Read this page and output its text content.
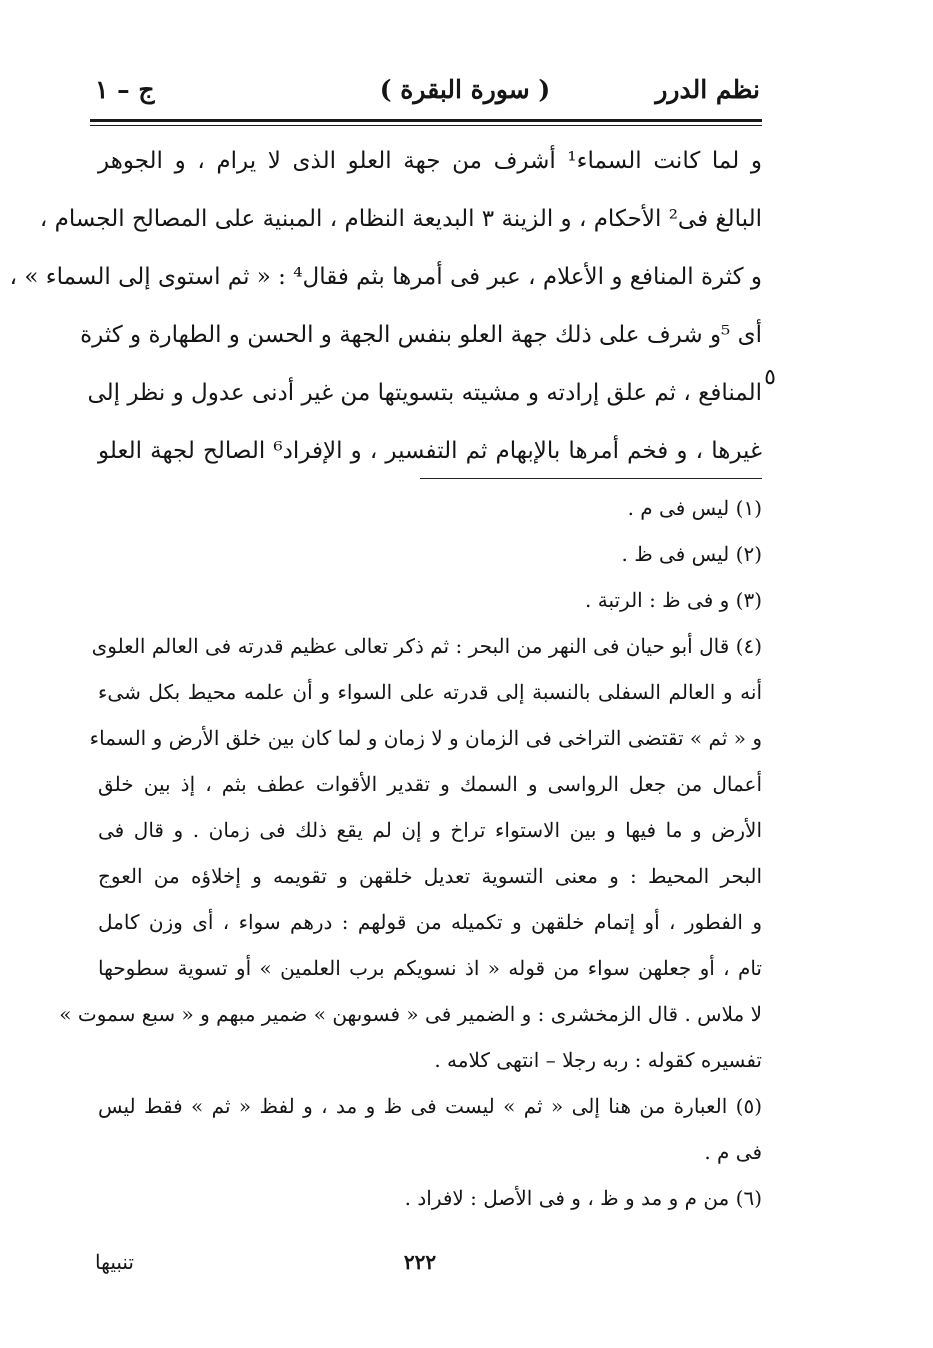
نظم الدرر
( سورة البقرة )
ج – ١
و لما كانت السماء¹ أشرف من جهة العلو الذى لا يرام ، و الجوهر
البالغ فى² الأحكام ، و الزينة ٣ البديعة النظام ، المبنية على المصالح الجسام ،
و كثرة المنافع و الأعلام ، عبر فى أمرها بثم فقال⁴ : « ثم استوى إلى السماء » ،
أى ⁵و شرف على ذلك جهة العلو بنفس الجهة و الحسن و الطهارة و كثرة
المنافع ، ثم علق إرادته و مشيته بتسويتها من غير أدنى عدول و نظر إلى
غيرها ، و فخم أمرها بالإبهام ثم التفسير ، و الإفراد⁶ الصالح لجهة العلو
٥
(١) ليس فى م .
(٢) ليس فى ظ .
(٣) و فى ظ : الرتبة .
(٤) قال أبو حيان فى النهر من البحر : ثم ذكر تعالى عظيم قدرته فى العالم العلوى
أنه و العالم السفلى بالنسبة إلى قدرته على السواء و أن علمه محيط بكل شىء
و « ثم » تقتضى التراخى فى الزمان و لا زمان و لما كان بين خلق الأرض و السماء
أعمال من جعل الرواسى و السمك و تقدير الأقوات عطف بثم ، إذ بين خلق
الأرض و ما فيها و بين الاستواء تراخ و إن لم يقع ذلك فى زمان . و قال فى
البحر المحيط : و معنى التسوية تعديل خلقهن و تقويمه و إخلاؤه من العوج
و الفطور ، أو إتمام خلقهن و تكميله من قولهم : درهم سواء ، أى وزن كامل
تام ، أو جعلهن سواء من قوله « اذ نسويكم برب العلمين » أو تسوية سطوحها
لا ملاس . قال الزمخشرى : و الضمير فى « فسوىهن » ضمير مبهم و « سبع سموت »
تفسيره كقوله : ربه رجلا – انتهى كلامه .
(٥) العبارة من هنا إلى « ثم » ليست فى ظ و مد ، و لفظ « ثم » فقط ليس
فى م .
(٦) من م و مد و ظ ، و فى الأصل : لافراد .
٢٢٢
تنبيها
